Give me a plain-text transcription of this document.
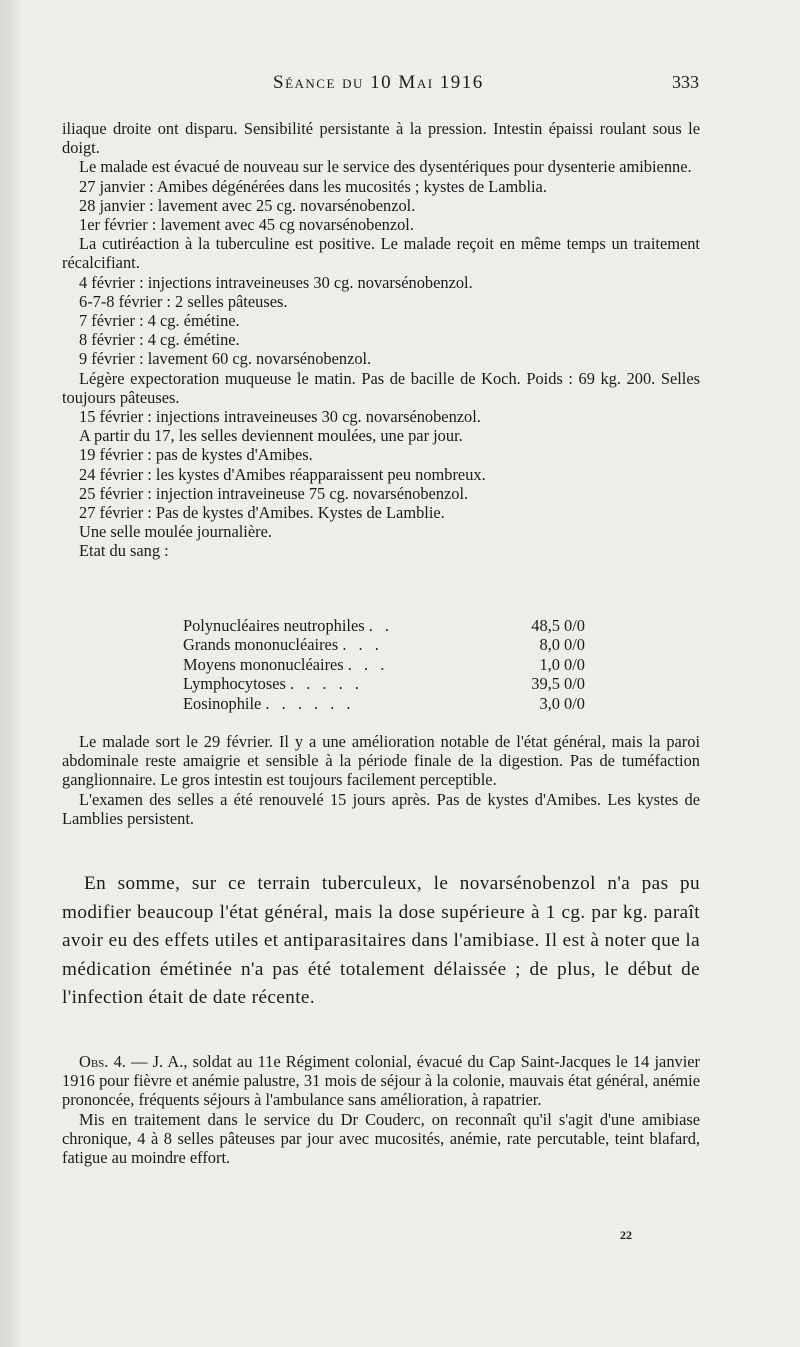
Séance du 10 Mai 1916	333

iliaque droite ont disparu. Sensibilité persistante à la pression. Intestin épaissi roulant sous le doigt.

Le malade est évacué de nouveau sur le service des dysentériques pour dysenterie amibienne.

27 janvier : Amibes dégénérées dans les mucosités ; kystes de Lamblia.

28 janvier : lavement avec 25 cg. novarsénobenzol.

1er février : lavement avec 45 cg novarsénobenzol.

La cutiréaction à la tuberculine est positive. Le malade reçoit en même temps un traitement récalcifiant.

4 février : injections intraveineuses 30 cg. novarsénobenzol.

6-7-8 février : 2 selles pâteuses.

7 février : 4 cg. émétine.

8 février : 4 cg. émétine.

9 février : lavement 60 cg. novarsénobenzol.

Légère expectoration muqueuse le matin. Pas de bacille de Koch. Poids : 69 kg. 200. Selles toujours pâteuses.

15 février : injections intraveineuses 30 cg. novarsénobenzol.

A partir du 17, les selles deviennent moulées, une par jour.

19 février : pas de kystes d'Amibes.

24 février : les kystes d'Amibes réapparaissent peu nombreux.

25 février : injection intraveineuse 75 cg. novarsénobenzol.

27 février : Pas de kystes d'Amibes. Kystes de Lamblie.

Une selle moulée journalière.

Etat du sang :

Polynucléaires neutrophiles . .	48,5 0/0
Grands mononucléaires . . .	8,0 0/0
Moyens mononucléaires . . .	1,0 0/0
Lymphocytoses . . . . .	39,5 0/0
Eosinophile . . . . . .	3,0 0/0

Le malade sort le 29 février. Il y a une amélioration notable de l'état général, mais la paroi abdominale reste amaigrie et sensible à la période finale de la digestion. Pas de tuméfaction ganglionnaire. Le gros intestin est toujours facilement perceptible.

L'examen des selles a été renouvelé 15 jours après. Pas de kystes d'Amibes. Les kystes de Lamblies persistent.

En somme, sur ce terrain tuberculeux, le novarsénobenzol n'a pas pu modifier beaucoup l'état général, mais la dose supérieure à 1 cg. par kg. paraît avoir eu des effets utiles et antiparasitaires dans l'amibiase. Il est à noter que la médication émétinée n'a pas été totalement délaissée ; de plus, le début de l'infection était de date récente.

Obs. 4. — J. A., soldat au 11e Régiment colonial, évacué du Cap Saint-Jacques le 14 janvier 1916 pour fièvre et anémie palustre, 31 mois de séjour à la colonie, mauvais état général, anémie prononcée, fréquents séjours à l'ambulance sans amélioration, à rapatrier.

Mis en traitement dans le service du Dr Couderc, on reconnaît qu'il s'agit d'une amibiase chronique, 4 à 8 selles pâteuses par jour avec mucosités, anémie, rate percutable, teint blafard, fatigue au moindre effort.

22
